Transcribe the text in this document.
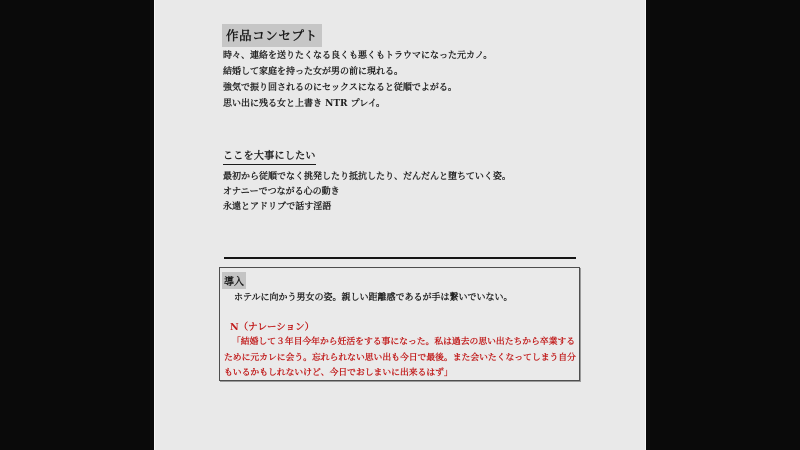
作品コンセプト
時々、連絡を送りたくなる良くも悪くもトラウマになった元カノ。
結婚して家庭を持った女が男の前に現れる。
強気で振り回されるのにセックスになると従順でよがる。
思い出に残る女と上書き NTR プレイ。
ここを大事にしたい
最初から従順でなく挑発したり抵抗したり、だんだんと堕ちていく姿。
オナニーでつながる心の動き
永遠とアドリブで話す淫語
導入
ホテルに向かう男女の姿。親しい距離感であるが手は繋いでいない。
N（ナレーション）
「結婚して３年目今年から妊活をする事になった。私は過去の思い出たちから卒業するために元カレに会う。忘れられない思い出も今日で最後。また会いたくなってしまう自分もいるかもしれないけど、今日でおしまいに出来るはず」
